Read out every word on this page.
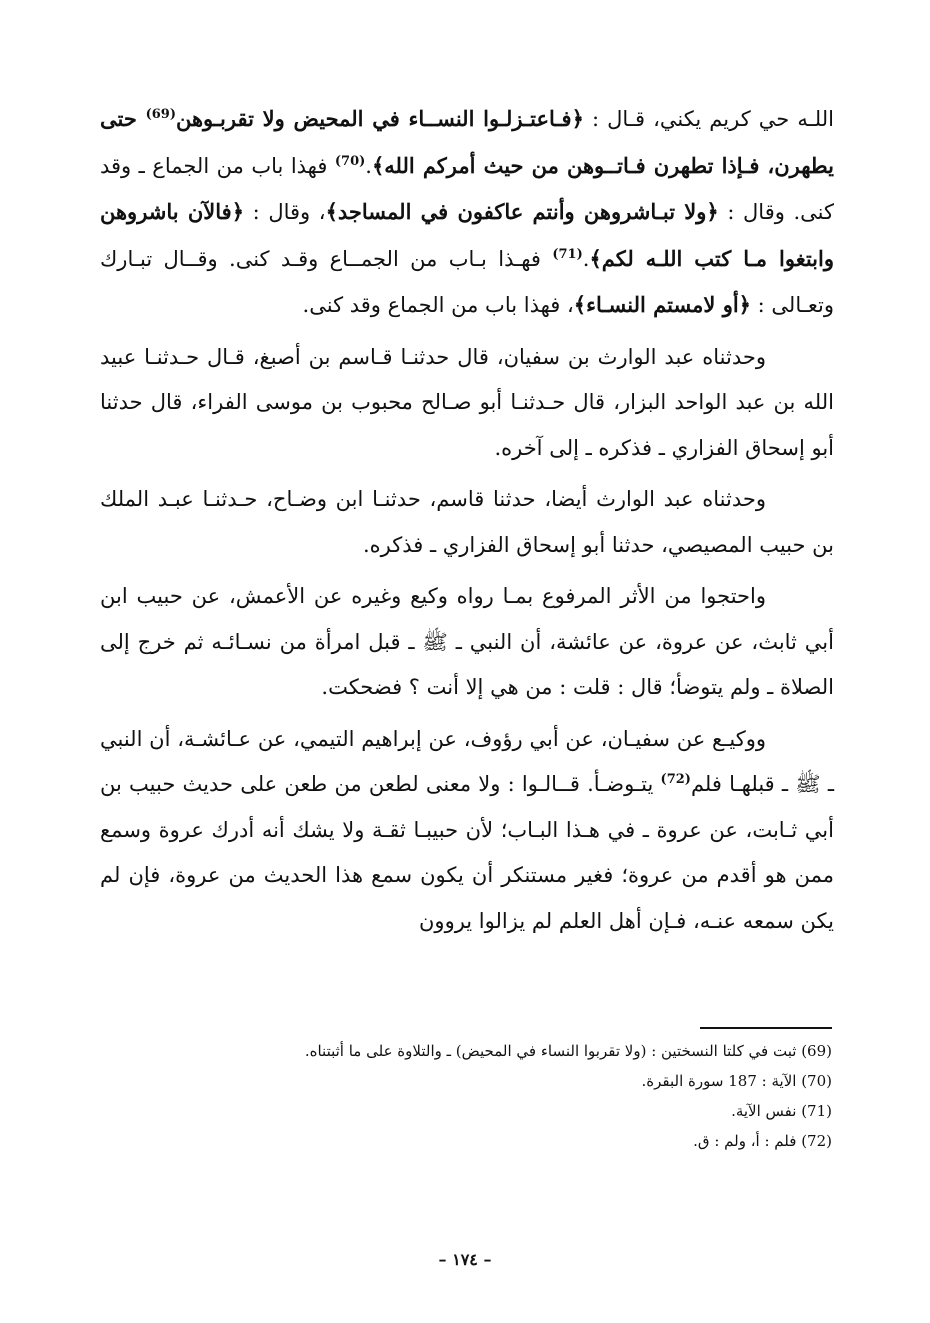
اللـه حي كريم يكني، قـال : ﴿فـاعتـزلـوا النســاء في المحيض ولا تقربـوهن$^{(69)}$ حتى يطهرن، فـإذا تطهرن فـاتــوهن من حيث أمركم الله﴾.$^{(70)}$ فهذا باب من الجماع ـ وقد كنى. وقال : ﴿ولا تبـاشروهن وأنتم عاكفون في المساجد﴾، وقال : ﴿فالآن باشروهن وابتغوا مـا كتب اللـه لكم﴾.$^{(71)}$ فهـذا بـاب من الجمــاع وقـد كنى. وقــال تبـارك وتعـالى : ﴿أو لامستم النسـاء﴾، فهذا باب من الجماع وقد كنى.

وحدثناه عبد الوارث بن سفيان، قال حدثنـا قـاسم بن أصبغ، قـال حـدثنـا عبيد الله بن عبد الواحد البزار، قال حـدثنـا أبو صـالح محبوب بن موسى الفراء، قال حدثنا أبو إسحاق الفزاري ـ فذكره ـ إلى آخره.

وحدثناه عبد الوارث أيضا، حدثنا قاسم، حدثنـا ابن وضـاح، حـدثنـا عبـد الملك بن حبيب المصيصي، حدثنا أبو إسحاق الفزاري ـ فذكره.

واحتجوا من الأثر المرفوع بمـا رواه وكيع وغيره عن الأعمش، عن حبيب ابن أبي ثابث، عن عروة، عن عائشة، أن النبي ـ ﷺ ـ قبل امرأة من نسـائـه ثم خرج إلى الصلاة ـ ولم يتوضأ؛ قال : قلت : من هي إلا أنت ؟ فضحكت.

ووكيـع عن سفيـان، عن أبي رؤوف، عن إبراهيم التيمي، عن عـائشـة، أن النبي ـ ﷺ ـ قبلهـا فلم$^{(72)}$ يتـوضـأ. قــالـوا : ولا معنى لطعن من طعن على حديث حبيب بن أبي ثـابت، عن عروة ـ في هـذا البـاب؛ لأن حبيبـا ثقـة ولا يشك أنه أدرك عروة وسمع ممن هو أقدم من عروة؛ فغير مستنكر أن يكون سمع هذا الحديث من عروة، فإن لم يكن سمعه عنـه، فـإن أهل العلم لم يزالوا يروون

(69) ثبت في كلتا النسختين : (ولا تقربوا النساء في المحيض) ـ والتلاوة على ما أثبتناه.

(70) الآية : 187 سورة البقرة.

(71) نفس الآية.

(72) فلم : أ، ولم : ق.

– ١٧٤ –
